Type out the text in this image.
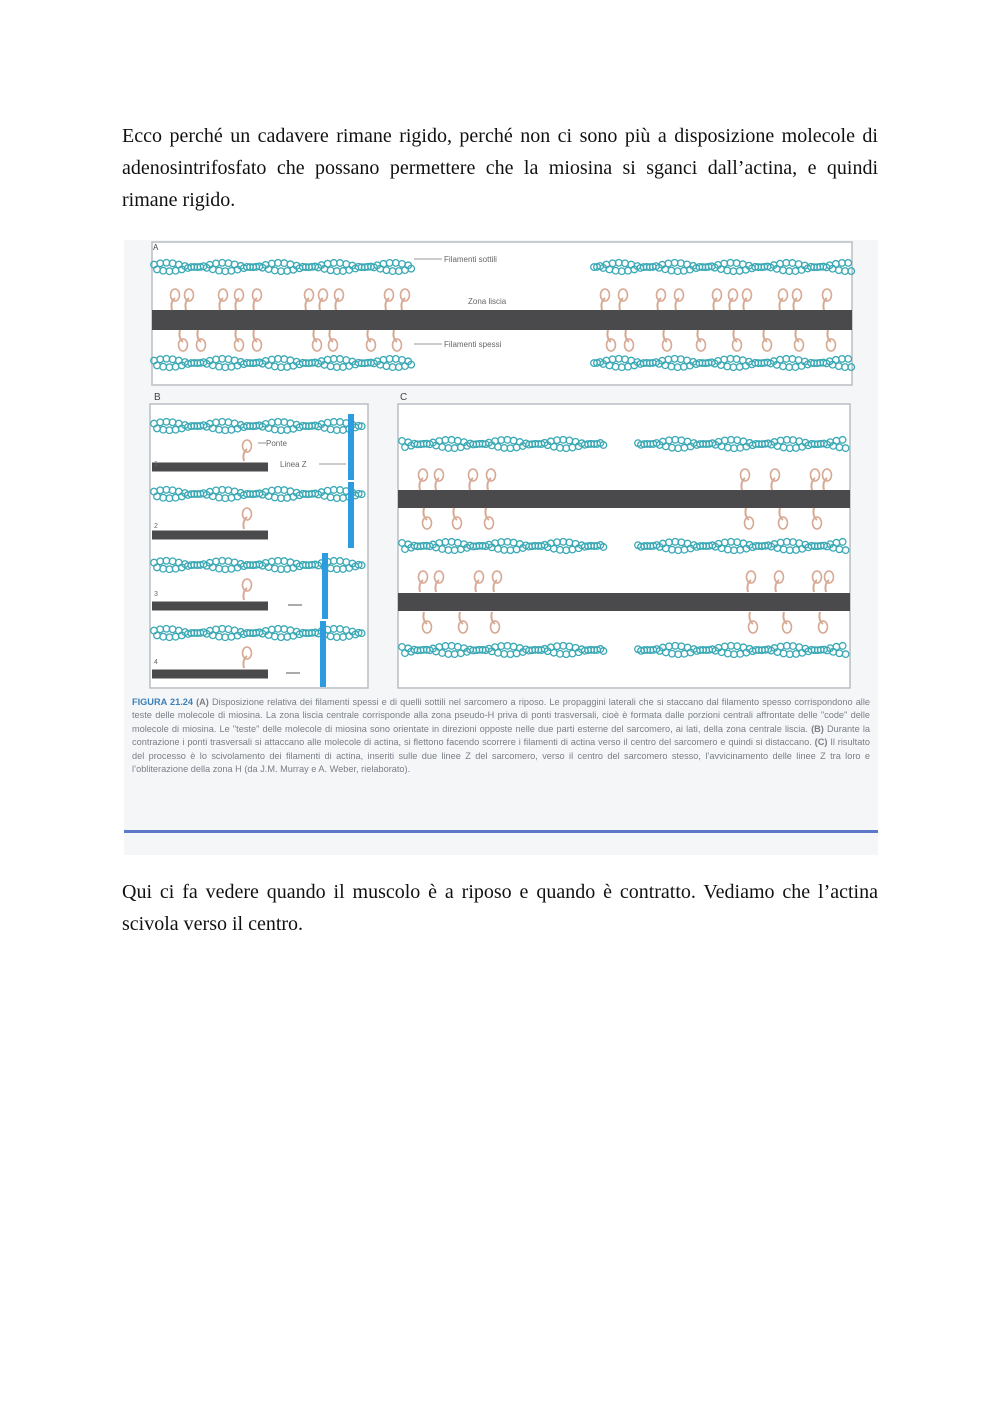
Ecco perché un cadavere rimane rigido, perché non ci sono più a disposizione molecole di adenosintrifosfato che possano permettere che la miosina si sganci dall’actina, e quindi rimane rigido.

B	C
A
Filamenti sottili
Zona liscia
Filamenti spessi
Ponte
Linea Z
1
2
3
4
FIGURA 21.24 (A) Disposizione relativa dei filamenti spessi e di quelli sottili nel sarcomero a riposo. Le propaggini laterali che si staccano dal filamento spesso corrispondono alle teste delle molecole di miosina. La zona liscia centrale corrisponde alla zona pseudo-H priva di ponti trasversali, cioè è formata dalle porzioni centrali affrontate delle "code" delle molecole di miosina. Le "teste" delle molecole di miosina sono orientate in direzioni opposte nelle due parti esterne del sarcomero, ai lati, della zona centrale liscia. (B) Durante la contrazione i ponti trasversali si attaccano alle molecole di actina, si flettono facendo scorrere i filamenti di actina verso il centro del sarcomero e quindi si distaccano. (C) Il risultato del processo è lo scivolamento dei filamenti di actina, inseriti sulle due linee Z del sarcomero, verso il centro del sarcomero stesso, l’avvicinamento delle linee Z tra loro e l’obliterazione della zona H (da J.M. Murray e A. Weber, rielaborato).

Qui ci fa vedere quando il muscolo è a riposo e quando è contratto. Vediamo che l’actina scivola verso il centro.
